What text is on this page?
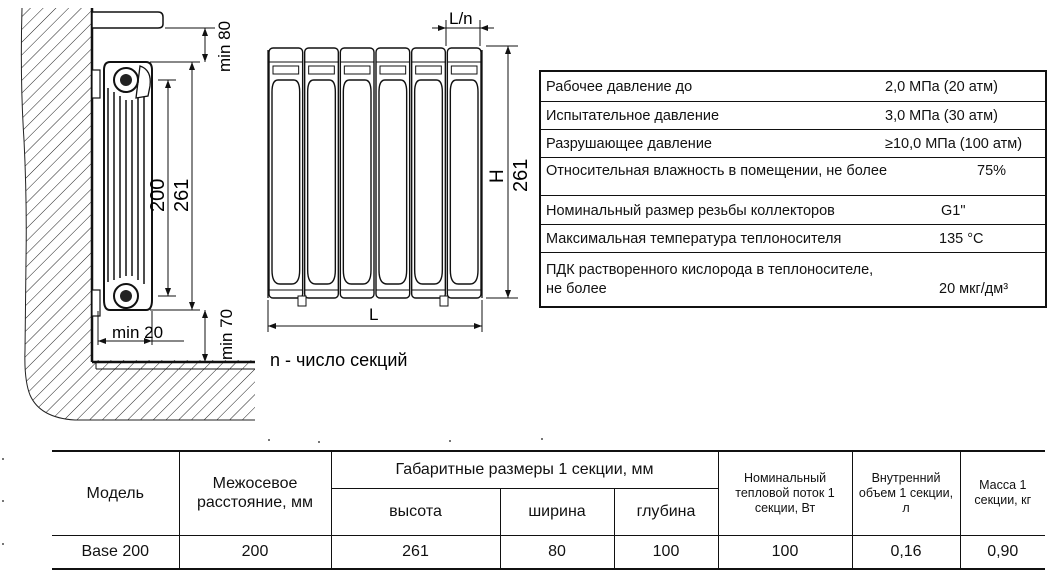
min 20
200 261
min 80
min 70
L/n
H 261
L
n - число секций
Рабочее давление до	2,0 МПа (20 атм)
Испытательное давление	3,0 МПа (30 атм)
Разрушающее давление	≥10,0 МПа (100 атм)
Относительная влажность в помещении, не более	75%
Номинальный размер резьбы коллекторов	G1"
Максимальная температура теплоносителя	135 °С
ПДК растворенного кислорода в теплоносителе,
не более	20 мкг/дм³
Модель	Межосевое расстояние, мм	Габаритные размеры 1 секции, мм			Номинальный тепловой поток 1 секции, Вт	Внутренний объем 1 секции, л	Масса 1 секции, кг
		высота	ширина	глубина			
Base 200	200	261	80	100	100	0,16	0,90
